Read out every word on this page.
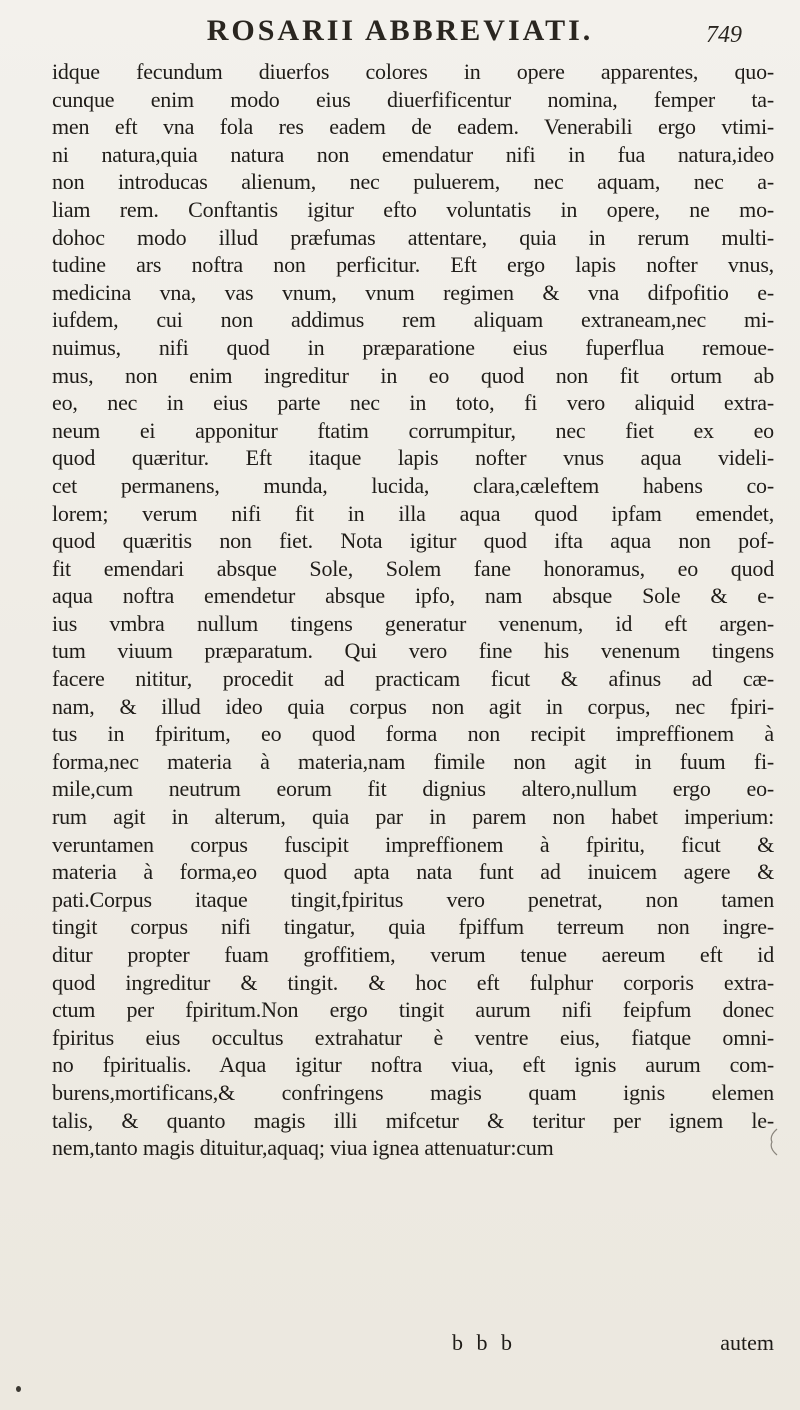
ROSARII ABBREVIATI.	749
idque fecundum diuerfos colores in opere apparentes, quo-
cunque enim modo eius diuerfificentur nomina, femper ta-
men eft vna fola res eadem de eadem. Venerabili ergo vtimi-
ni natura,quia natura non emendatur nifi in fua natura,ideo
non introducas alienum, nec puluerem, nec aquam, nec a-
liam rem. Conftantis igitur efto voluntatis in opere, ne mo-
dohoc modo illud præfumas attentare, quia in rerum multi-
tudine ars noftra non perficitur. Eft ergo lapis nofter vnus,
medicina vna, vas vnum, vnum regimen & vna difpofitio e-
iufdem, cui non addimus rem aliquam extraneam,nec mi-
nuimus, nifi quod in præparatione eius fuperflua remoue-
mus, non enim ingreditur in eo quod non fit ortum ab
eo, nec in eius parte nec in toto, fi vero aliquid extra-
neum ei apponitur ftatim corrumpitur, nec fiet ex eo
quod quæritur. Eft itaque lapis nofter vnus aqua videli-
cet permanens, munda, lucida, clara,cæleftem habens co-
lorem; verum nifi fit in illa aqua quod ipfam emendet,
quod quæritis non fiet. Nota igitur quod ifta aqua non pof-
fit emendari absque Sole, Solem fane honoramus, eo quod
aqua noftra emendetur absque ipfo, nam absque Sole & e-
ius vmbra nullum tingens generatur venenum, id eft argen-
tum viuum præparatum. Qui vero fine his venenum tingens
facere nititur, procedit ad practicam ficut & afinus ad cæ-
nam, & illud ideo quia corpus non agit in corpus, nec fpiri-
tus in fpiritum, eo quod forma non recipit impreffionem à
forma,nec materia à materia,nam fimile non agit in fuum fi-
mile,cum neutrum eorum fit dignius altero,nullum ergo eo-
rum agit in alterum, quia par in parem non habet imperium:
veruntamen corpus fuscipit impreffionem à fpiritu, ficut &
materia à forma,eo quod apta nata funt ad inuicem agere &
pati.Corpus itaque tingit,fpiritus vero penetrat, non tamen
tingit corpus nifi tingatur, quia fpiffum terreum non ingre-
ditur propter fuam groffitiem, verum tenue aereum eft id
quod ingreditur & tingit. & hoc eft fulphur corporis extra-
ctum per fpiritum.Non ergo tingit aurum nifi feipfum donec
fpiritus eius occultus extrahatur è ventre eius, fiatque omni-
no fpiritualis. Aqua igitur noftra viua, eft ignis aurum com-
burens,mortificans,& confringens magis quam ignis elemen
talis, & quanto magis illi mifcetur & teritur per ignem le-
nem,tanto magis dituitur,aquaq; viua ignea attenuatur:cum
b b b	autem
